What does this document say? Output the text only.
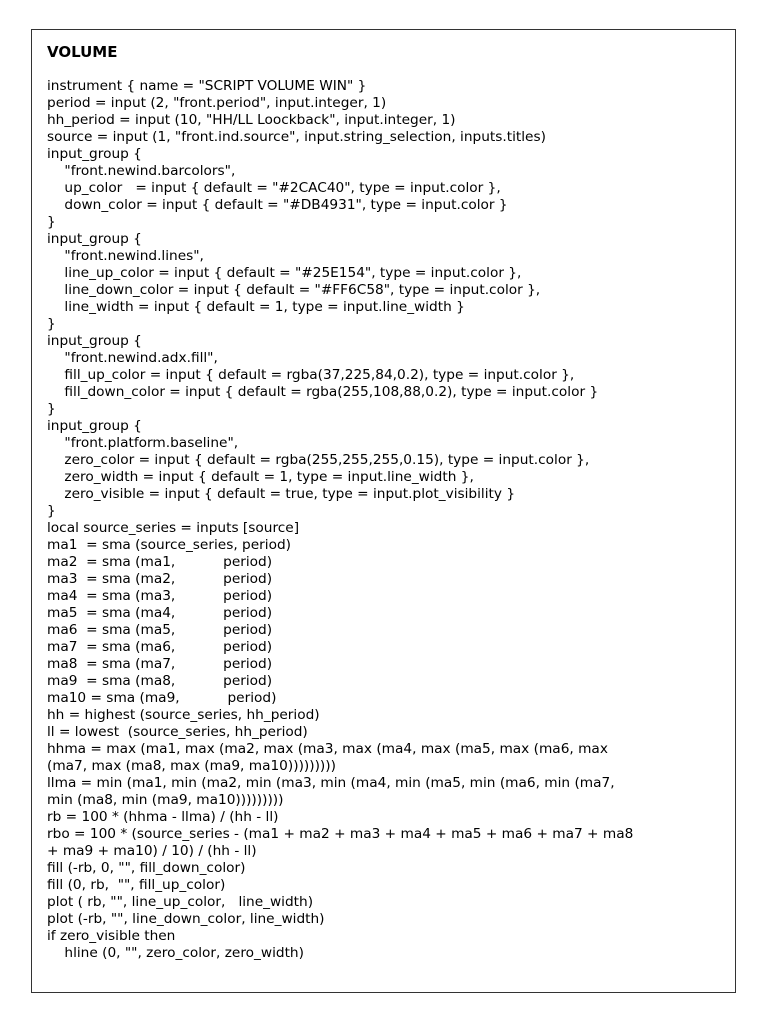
VOLUME
instrument { name = "SCRIPT VOLUME WIN" }
period = input (2, "front.period", input.integer, 1)
hh_period = input (10, "HH/LL Loockback", input.integer, 1)
source = input (1, "front.ind.source", input.string_selection, inputs.titles)
input_group {
"front.newind.barcolors",
up_color   = input { default = "#2CAC40", type = input.color },
down_color = input { default = "#DB4931", type = input.color }
}
input_group {
"front.newind.lines",
line_up_color = input { default = "#25E154", type = input.color },
line_down_color = input { default = "#FF6C58", type = input.color },
line_width = input { default = 1, type = input.line_width }
}
input_group {
"front.newind.adx.fill",
fill_up_color = input { default = rgba(37,225,84,0.2), type = input.color },
fill_down_color = input { default = rgba(255,108,88,0.2), type = input.color }
}
input_group {
"front.platform.baseline",
zero_color = input { default = rgba(255,255,255,0.15), type = input.color },
zero_width = input { default = 1, type = input.line_width },
zero_visible = input { default = true, type = input.plot_visibility }
}
local source_series = inputs [source]
ma1  = sma (source_series, period)
ma2  = sma (ma1,           period)
ma3  = sma (ma2,           period)
ma4  = sma (ma3,           period)
ma5  = sma (ma4,           period)
ma6  = sma (ma5,           period)
ma7  = sma (ma6,           period)
ma8  = sma (ma7,           period)
ma9  = sma (ma8,           period)
ma10 = sma (ma9,           period)
hh = highest (source_series, hh_period)
ll = lowest  (source_series, hh_period)
hhma = max (ma1, max (ma2, max (ma3, max (ma4, max (ma5, max (ma6, max
(ma7, max (ma8, max (ma9, ma10)))))))))
llma = min (ma1, min (ma2, min (ma3, min (ma4, min (ma5, min (ma6, min (ma7,
min (ma8, min (ma9, ma10)))))))))
rb = 100 * (hhma - llma) / (hh - ll)
rbo = 100 * (source_series - (ma1 + ma2 + ma3 + ma4 + ma5 + ma6 + ma7 + ma8
+ ma9 + ma10) / 10) / (hh - ll)
fill (-rb, 0, "", fill_down_color)
fill (0, rb,  "", fill_up_color)
plot ( rb, "", line_up_color,   line_width)
plot (-rb, "", line_down_color, line_width)
if zero_visible then
hline (0, "", zero_color, zero_width)
